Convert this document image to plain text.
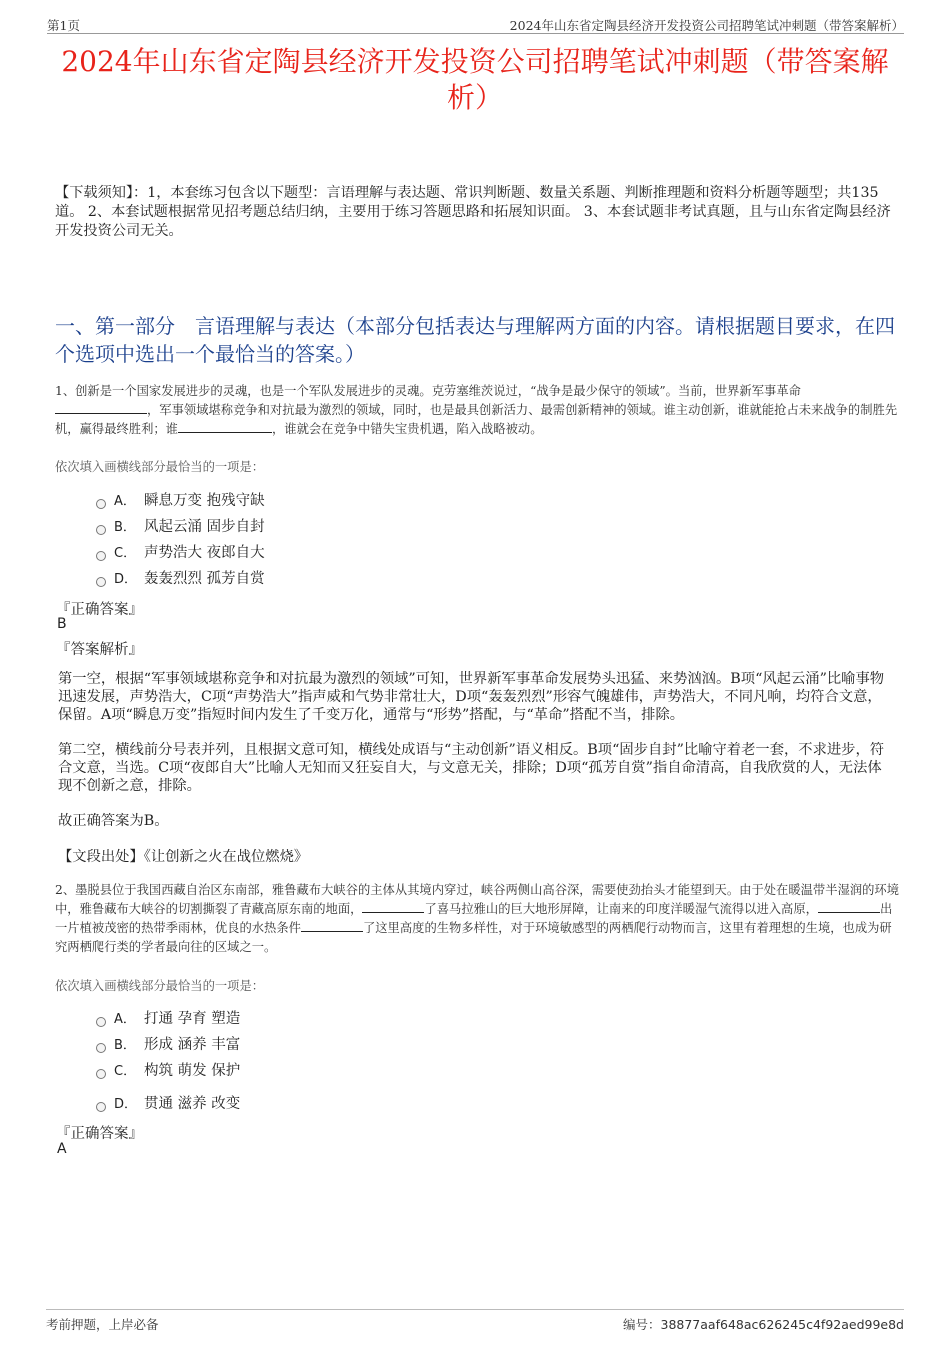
第1页	2024年山东省定陶县经济开发投资公司招聘笔试冲刺题（带答案解析）
2024年山东省定陶县经济开发投资公司招聘笔试冲刺题（带答案解析）
【下载须知】：1，本套练习包含以下题型：言语理解与表达题、常识判断题、数量关系题、判断推理题和资料分析题等题型；共135道。 2、本套试题根据常见招考题总结归纳，主要用于练习答题思路和拓展知识面。 3、本套试题非考试真题，且与山东省定陶县经济开发投资公司无关。
一、第一部分　言语理解与表达（本部分包括表达与理解两方面的内容。请根据题目要求，在四个选项中选出一个最恰当的答案。）
1、创新是一个国家发展进步的灵魂，也是一个军队发展进步的灵魂。克劳塞维茨说过，“战争是最少保守的领域”。当前，世界新军事革命
，军事领域堪称竞争和对抗最为激烈的领域，同时，也是最具创新活力、最需创新精神的领域。谁主动创新，谁就能抢占未来战争的制胜先机，赢得最终胜利；谁	，谁就会在竞争中错失宝贵机遇，陷入战略被动。
依次填入画横线部分最恰当的一项是：
A． 瞬息万变 抱残守缺
B． 风起云涌 固步自封
C． 声势浩大 夜郎自大
D． 轰轰烈烈 孤芳自赏
『正确答案』
B
『答案解析』
第一空，根据“军事领域堪称竞争和对抗最为激烈的领域”可知，世界新军事革命发展势头迅猛、来势汹汹。B项“风起云涌”比喻事物迅速发展，声势浩大，C项“声势浩大”指声威和气势非常壮大，D项“轰轰烈烈”形容气魄雄伟，声势浩大，不同凡响，均符合文意，保留。A项“瞬息万变”指短时间内发生了千变万化，通常与“形势”搭配，与“革命”搭配不当，排除。
第二空，横线前分号表并列，且根据文意可知，横线处成语与“主动创新”语义相反。B项“固步自封”比喻守着老一套，不求进步，符合文意，当选。C项“夜郎自大”比喻人无知而又狂妄自大，与文意无关，排除；D项“孤芳自赏”指自命清高，自我欣赏的人，无法体现不创新之意，排除。
故正确答案为B。
【文段出处】《让创新之火在战位燃烧》
2、墨脱县位于我国西藏自治区东南部，雅鲁藏布大峡谷的主体从其境内穿过，峡谷两侧山高谷深，需要使劲抬头才能望到天。由于处在暖温带半湿润的环境中，雅鲁藏布大峡谷的切割撕裂了青藏高原东南的地面，	了喜马拉雅山的巨大地形屏障，让南来的印度洋暖湿气流得以进入高原，	出一片植被茂密的热带季雨林，优良的水热条件	了这里高度的生物多样性，对于环境敏感型的两栖爬行动物而言，这里有着理想的生境，也成为研究两栖爬行类的学者最向往的区域之一。
依次填入画横线部分最恰当的一项是：
A． 打通 孕育 塑造
B． 形成 涵养 丰富
C． 构筑 萌发 保护
D． 贯通 滋养 改变
『正确答案』
A
考前押题，上岸必备	编号：38877aaf648ac626245c4f92aed99e8d
